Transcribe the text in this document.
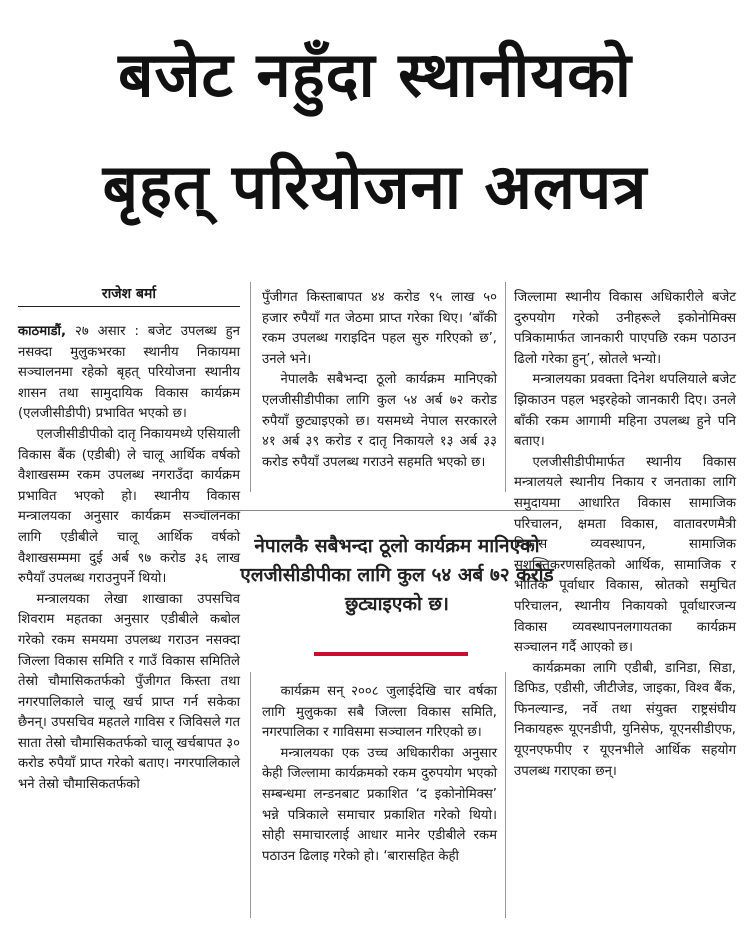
बजेट नहुँदा स्थानीयको
बृहत् परियोजना अलपत्र
राजेश बर्मा

काठमाडौं, २७ असार : बजेट उपलब्ध हुन नसक्दा मुलुकभरका स्थानीय निकायमा सञ्चालनमा रहेको बृहत् परियोजना स्थानीय शासन तथा सामुदायिक विकास कार्यक्रम (एलजीसीडीपी) प्रभावित भएको छ।

एलजीसीडीपीको दातृ निकायमध्ये एसियाली विकास बैंक (एडीबी) ले चालू आर्थिक वर्षको वैशाखसम्म रकम उपलब्ध नगराउँदा कार्यक्रम प्रभावित भएको हो। स्थानीय विकास मन्त्रालयका अनुसार कार्यक्रम सञ्चालनका लागि एडीबीले चालू आर्थिक वर्षको वैशाखसम्ममा दुई अर्ब ९७ करोड ३६ लाख रुपैयाँ उपलब्ध गराउनुपर्ने थियो।

मन्त्रालयका लेखा शाखाका उपसचिव शिवराम महतका अनुसार एडीबीले कबोल गरेको रकम समयमा उपलब्ध गराउन नसक्दा जिल्ला विकास समिति र गाउँ विकास समितिले तेस्रो चौमासिकतर्फको पुँजीगत किस्ता तथा नगरपालिकाले चालू खर्च प्राप्त गर्न सकेका छैनन्। उपसचिव महतले गाविस र जिविसले गत साता तेस्रो चौमासिकतर्फको चालू खर्चबापत ३० करोड रुपैयाँ प्राप्त गरेको बताए। नगरपालिकाले भने तेस्रो चौमासिकतर्फको

पुँजीगत किस्ताबापत ४४ करोड ९५ लाख ५० हजार रुपैयाँ गत जेठमा प्राप्त गरेका थिए। ‘बाँकी रकम उपलब्ध गराइदिन पहल सुरु गरिएको छ’, उनले भने।

नेपालकै सबैभन्दा ठूलो कार्यक्रम मानिएको एलजीसीडीपीका लागि कुल ५४ अर्ब ७२ करोड रुपैयाँ छुट्याइएको छ। यसमध्ये नेपाल सरकारले ४१ अर्ब ३९ करोड र दातृ निकायले १३ अर्ब ३३ करोड रुपैयाँ उपलब्ध गराउने सहमति भएको छ।

कार्यक्रम सन् २००८ जुलाईदेखि चार वर्षका लागि मुलुकका सबै जिल्ला विकास समिति, नगरपालिका र गाविसमा सञ्चालन गरिएको छ।

मन्त्रालयका एक उच्च अधिकारीका अनुसार केही जिल्लामा कार्यक्रमको रकम दुरुपयोग भएको सम्बन्धमा लन्डनबाट प्रकाशित ‘द इकोनोमिक्स’ भन्ने पत्रिकाले समाचार प्रकाशित गरेको थियो। सोही समाचारलाई आधार मानेर एडीबीले रकम पठाउन ढिलाइ गरेको हो। ‘बारासहित केही

जिल्लामा स्थानीय विकास अधिकारीले बजेट दुरुपयोग गरेको उनीहरूले इकोनोमिक्स पत्रिकामार्फत जानकारी पाएपछि रकम पठाउन ढिलो गरेका हुन्’, स्रोतले भन्यो।

मन्त्रालयका प्रवक्ता दिनेश थपलियाले बजेट झिकाउन पहल भइरहेको जानकारी दिए। उनले बाँकी रकम आगामी महिना उपलब्ध हुने पनि बताए।

एलजीसीडीपीमार्फत स्थानीय विकास मन्त्रालयले स्थानीय निकाय र जनताका लागि समुदायमा आधारित विकास सामाजिक परिचालन, क्षमता विकास, वातावरणमैत्री विकास व्यवस्थापन, सामाजिक सशक्तिकरणसहितको आर्थिक, सामाजिक र भौतिक पूर्वाधार विकास, स्रोतको समुचित परिचालन, स्थानीय निकायको पूर्वाधारजन्य विकास व्यवस्थापनलगायतका कार्यक्रम सञ्चालन गर्दै आएको छ।

कार्यक्रमका लागि एडीबी, डानिडा, सिडा, डिफिड, एडीसी, जीटीजेड, जाइका, विश्व बैंक, फिनल्यान्ड, नर्वे तथा संयुक्त राष्ट्रसंघीय निकायहरू यूएनडीपी, युनिसेफ, यूएनसीडीएफ, यूएनएफपीए र यूएनभीले आर्थिक सहयोग उपलब्ध गराएका छन्।

नेपालकै सबैभन्दा ठूलो कार्यक्रम मानिएको एलजीसीडीपीका लागि कुल ५४ अर्ब ७२ करोड छुट्याइएको छ।
